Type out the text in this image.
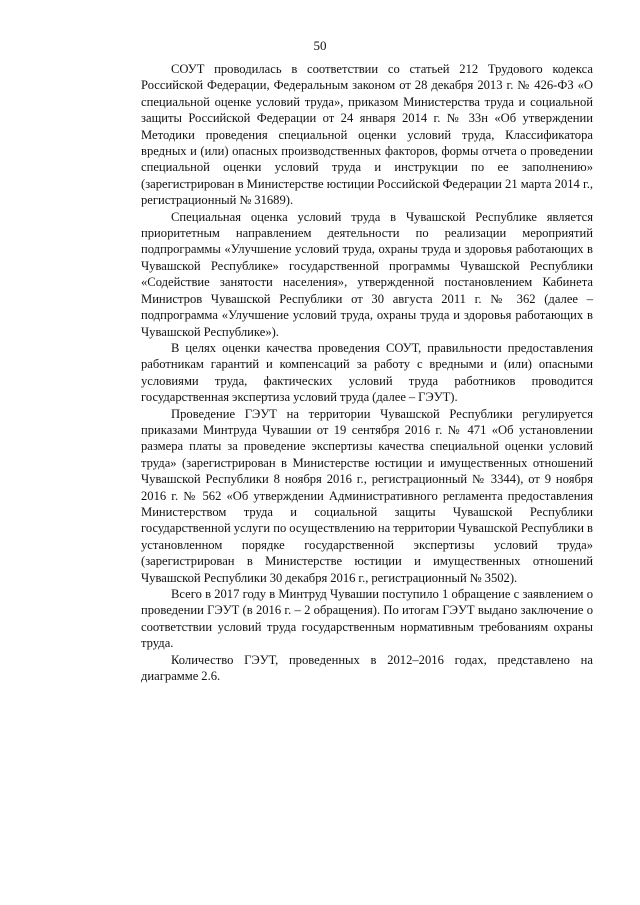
50

СОУТ проводилась в соответствии со статьей 212 Трудового кодекса Российской Федерации, Федеральным законом от 28 декабря 2013 г. № 426-ФЗ «О специальной оценке условий труда», приказом Министерства труда и социальной защиты Российской Федерации от 24 января 2014 г. № 33н «Об утверждении Методики проведения специальной оценки условий труда, Классификатора вредных и (или) опасных производственных факторов, формы отчета о проведении специальной оценки условий труда и инструкции по ее заполнению» (зарегистрирован в Министерстве юстиции Российской Федерации 21 марта 2014 г., регистрационный № 31689).

Специальная оценка условий труда в Чувашской Республике является приоритетным направлением деятельности по реализации мероприятий подпрограммы «Улучшение условий труда, охраны труда и здоровья работающих в Чувашской Республике» государственной программы Чувашской Республики «Содействие занятости населения», утвержденной постановлением Кабинета Министров Чувашской Республики от 30 августа 2011 г. № 362 (далее – подпрограмма «Улучшение условий труда, охраны труда и здоровья работающих в Чувашской Республике»).

В целях оценки качества проведения СОУТ, правильности предоставления работникам гарантий и компенсаций за работу с вредными и (или) опасными условиями труда, фактических условий труда работников проводится государственная экспертиза условий труда (далее – ГЭУТ).

Проведение ГЭУТ на территории Чувашской Республики регулируется приказами Минтруда Чувашии от 19 сентября 2016 г. № 471 «Об установлении размера платы за проведение экспертизы качества специальной оценки условий труда» (зарегистрирован в Министерстве юстиции и имущественных отношений Чувашской Республики 8 ноября 2016 г., регистрационный № 3344), от 9 ноября 2016 г. № 562 «Об утверждении Административного регламента предоставления Министерством труда и социальной защиты Чувашской Республики государственной услуги по осуществлению на территории Чувашской Республики в установленном порядке государственной экспертизы условий труда» (зарегистрирован в Министерстве юстиции и имущественных отношений Чувашской Республики 30 декабря 2016 г., регистрационный № 3502).

Всего в 2017 году в Минтруд Чувашии поступило 1 обращение с заявлением о проведении ГЭУТ (в 2016 г. – 2 обращения). По итогам ГЭУТ выдано заключение о соответствии условий труда государственным нормативным требованиям охраны труда.

Количество ГЭУТ, проведенных в 2012–2016 годах, представлено на диаграмме 2.6.
